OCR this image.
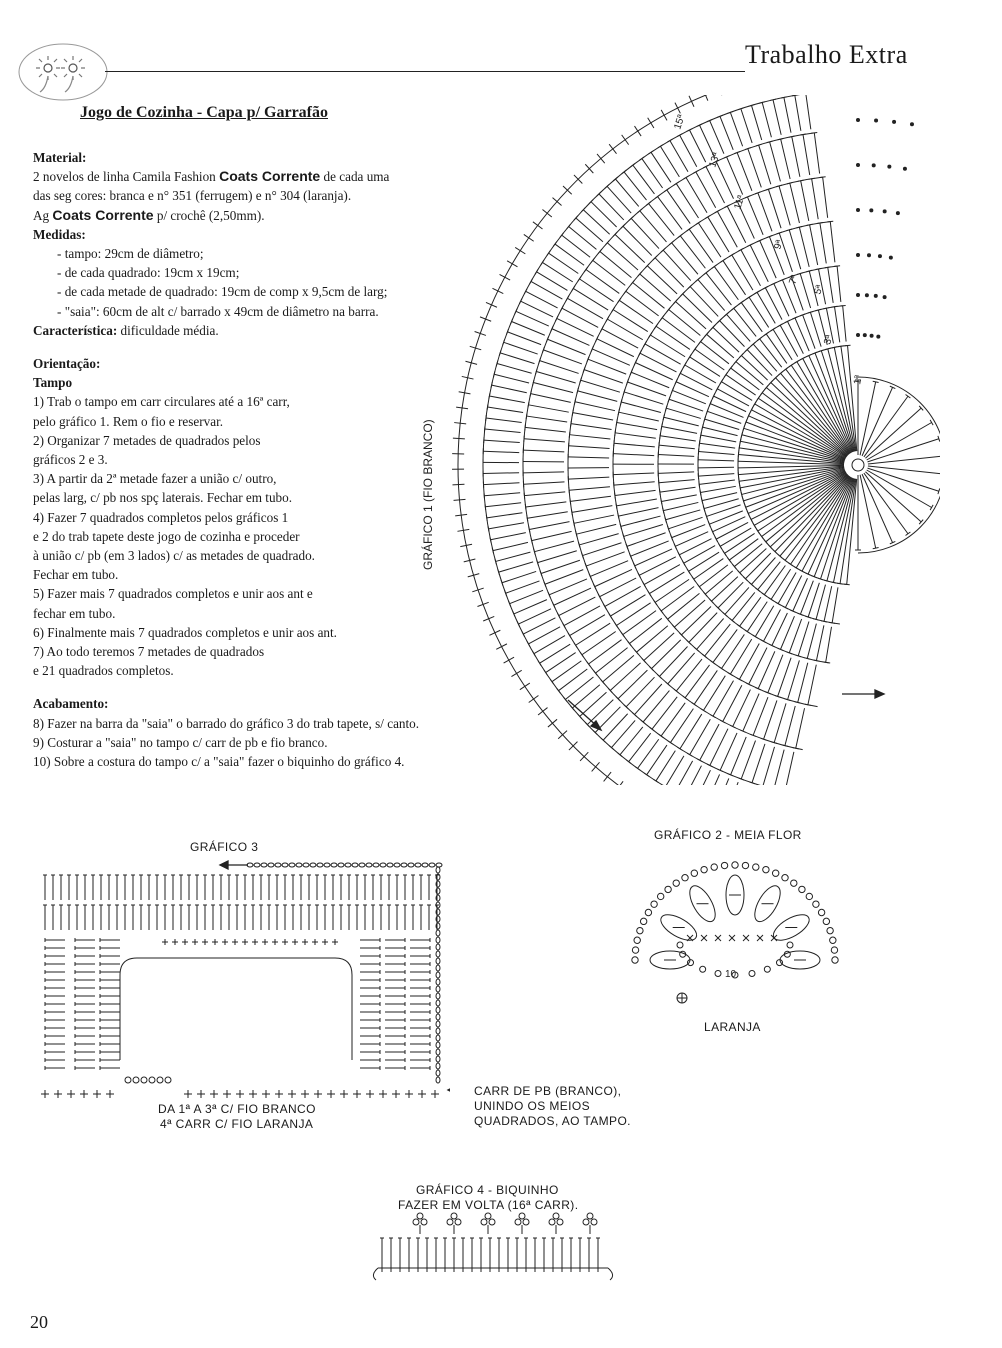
Trabalho Extra
Jogo de Cozinha - Capa p/ Garrafão

Material:

2 novelos de linha Camila Fashion Coats Corrente de cada uma

das seg cores: branca e n° 351 (ferrugem) e n° 304 (laranja).

Ag Coats Corrente p/ crochê (2,50mm).

Medidas:

- tampo: 29cm de diâmetro;

- de cada quadrado: 19cm x 19cm;

- de cada metade de quadrado: 19cm de comp x 9,5cm de larg;

- "saia": 60cm de alt c/ barrado x 49cm de diâmetro na barra.

Característica: dificuldade média.

Orientação:

Tampo

1) Trab o tampo em carr circulares até a 16ª carr,

pelo gráfico 1. Rem o fio e reservar.

2) Organizar 7 metades de quadrados pelos

gráficos 2 e 3.

3) A partir da 2ª metade fazer a união c/ outro,

pelas larg, c/ pb nos spç laterais. Fechar em tubo.

4) Fazer 7 quadrados completos pelos gráficos 1

e 2 do trab tapete deste jogo de cozinha e proceder

à união c/ pb (em 3 lados) c/ as metades de quadrado.

Fechar em tubo.

5) Fazer mais 7 quadrados completos e unir aos ant e

fechar em tubo.

6) Finalmente mais 7 quadrados completos e unir aos ant.

7) Ao todo teremos 7 metades de quadrados

e 21 quadrados completos.

Acabamento:

8) Fazer na barra da "saia" o barrado do gráfico 3 do trab tapete, s/ canto.

9) Costurar a "saia" no tampo c/ carr de pb e fio branco.

10) Sobre a costura do tampo c/ a "saia" fazer o biquinho do gráfico 4.

GRÁFICO 1 (FIO BRANCO)
1ª
3ª
5ª
7ª
9ª
11ª
13ª
15ª
GRÁFICO 3
DA 1ª A 3ª C/ FIO BRANCO
4ª CARR C/ FIO LARANJA
CARR DE PB (BRANCO),
UNINDO OS MEIOS
QUADRADOS, AO TAMPO.
GRÁFICO 2 - MEIA FLOR
10
LARANJA
GRÁFICO 4 - BIQUINHO
FAZER EM VOLTA (16ª CARR).
20
